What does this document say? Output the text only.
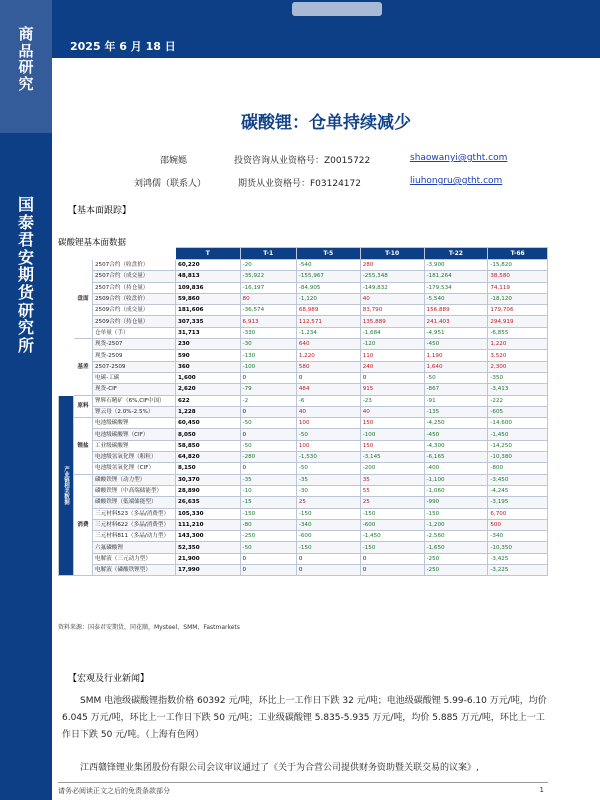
商
品
研
究
国
泰
君
安
期
货
研
究
所
2025 年 6 月 18 日
碳酸锂：仓单持续减少
邵婉嫕	投资咨询从业资格号：Z0015722	shaowanyi@gtht.com
刘鸿儒（联系人）	期货从业资格号：F03124172	liuhongru@gtht.com
【基本面跟踪】
碳酸锂基本面数据
			T	T-1	T-5	T-10	T-22	T-66
	盘面	2507合约（收盘价）	60,220	-20	-540	280	-3,900	-15,820
		2507合约（成交量）	48,813	-35,922	-155,967	-255,348	-181,264	38,580
		2507合约（持仓量）	109,836	-16,197	-84,905	-149,832	-179,534	74,119
		2509合约（收盘价）	59,860	80	-1,120	40	-5,540	-18,120
		2509合约（成交量）	181,606	-36,574	68,989	83,790	156,889	179,706
		2509合约（持仓量）	307,335	6,913	112,571	135,889	241,403	294,919
		仓单量（手）	31,713	-330	-1,234	-1,684	-4,951	-6,855
	基差	现货-2507	230	-30	640	-120	-450	1,220
		现货-2509	590	-130	1,220	110	1,190	3,520
		2507-2509	360	-100	580	240	1,640	2,300
		电碳-工碳	1,600	0	0	0	-50	-350
		现货-CIF	2,620	-79	484	915	-867	-3,413
产业链相关数据	原料	锂辉石精矿（6%,CIF中国）	622	-2	-6	-23	-91	-222
		锂云母（2.0%-2.5%）	1,228	0	40	40	-135	-605
	锂盐	电池级碳酸锂	60,450	-50	100	150	-4,250	-14,600
		电池级碳酸锂（CIF）	8,050	0	-50	-100	-450	-1,450
		工业级碳酸锂	58,850	-50	100	150	-4,300	-14,250
		电池级氢氧化锂（粗粒）	64,820	-280	-1,530	-3,145	-6,165	-10,380
		电池级氢氧化锂（CIF）	8,150	0	-50	-200	-400	-800
	消费	磷酸铁锂（动力型）	30,370	-35	-35	35	-1,100	-3,450
		磷酸铁锂（中高端储能型）	28,890	-10	-30	55	-1,060	-4,245
		磷酸铁锂（低端储能型）	26,635	-15	25	25	-990	-3,195
		三元材料523（多晶/消费型）	105,330	-150	-150	-150	-150	6,700
		三元材料622（多晶/消费型）	111,210	-80	-340	-600	-1,200	500
		三元材料811（多晶/动力型）	143,300	-250	-600	-1,450	-2,560	-340
		六氟磷酸锂	52,350	-50	-150	-150	-1,650	-10,350
		电解液（三元动力型）	21,900	0	0	0	-250	-3,425
		电解液（磷酸铁锂型）	17,990	0	0	0	-250	-3,225
资料来源：国泰君安期货，同花顺，Mysteel，SMM，Fastmarkets
【宏观及行业新闻】
SMM 电池级碳酸锂指数价格 60392 元/吨，环比上一工作日下跌 32 元/吨；电池级碳酸锂 5.99-6.10 万元/吨，均价 6.045 万元/吨，环比上一工作日下跌 50 元/吨；工业级碳酸锂 5.835-5.935 万元/吨，均价 5.885 万元/吨，环比上一工作日下跌 50 元/吨。（上海有色网）
江西赣锋锂业集团股份有限公司会议审议通过了《关于为合营公司提供财务资助暨关联交易的议案》,
请务必阅读正文之后的免责条款部分	1
